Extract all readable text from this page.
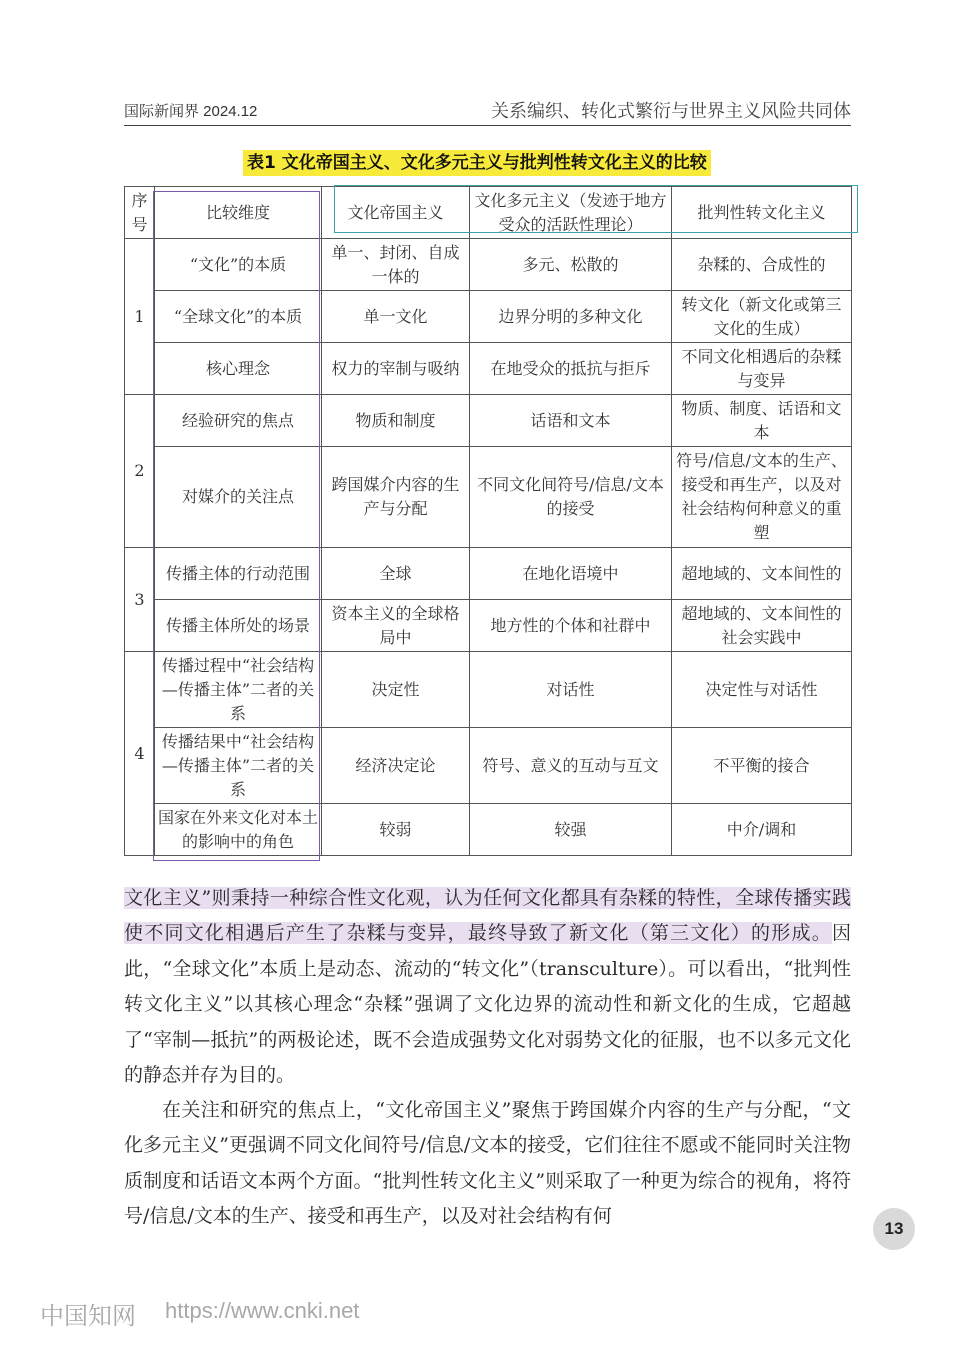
国际新闻界 2024.12	关系编织、转化式繁衍与世界主义风险共同体
表1 文化帝国主义、文化多元主义与批判性转文化主义的比较
序号	比较维度	文化帝国主义	文化多元主义（发迹于地方受众的活跃性理论）	批判性转文化主义
1	“文化”的本质	单一、封闭、自成一体的	多元、松散的	杂糅的、合成性的
	“全球文化”的本质	单一文化	边界分明的多种文化	转文化（新文化或第三文化的生成）
	核心理念	权力的宰制与吸纳	在地受众的抵抗与拒斥	不同文化相遇后的杂糅与变异
2	经验研究的焦点	物质和制度	话语和文本	物质、制度、话语和文本
	对媒介的关注点	跨国媒介内容的生产与分配	不同文化间符号/信息/文本的接受	符号/信息/文本的生产、接受和再生产，以及对社会结构何种意义的重塑
3	传播主体的行动范围	全球	在地化语境中	超地域的、文本间性的
	传播主体所处的场景	资本主义的全球格局中	地方性的个体和社群中	超地域的、文本间性的社会实践中
4	传播过程中“社会结构—传播主体”二者的关系	决定性	对话性	决定性与对话性
	传播结果中“社会结构—传播主体”二者的关系	经济决定论	符号、意义的互动与互文	不平衡的接合
	国家在外来文化对本土的影响中的角色	较弱	较强	中介/调和

文化主义”则秉持一种综合性文化观，认为任何文化都具有杂糅的特性，全球传播实践使不同文化相遇后产生了杂糅与变异，最终导致了新文化（第三文化）的形成。因此，“全球文化”本质上是动态、流动的“转文化”（transculture）。可以看出，“批判性转文化主义”以其核心理念“杂糅”强调了文化边界的流动性和新文化的生成，它超越了“宰制—抵抗”的两极论述，既不会造成强势文化对弱势文化的征服，也不以多元文化的静态并存为目的。

在关注和研究的焦点上，“文化帝国主义”聚焦于跨国媒介内容的生产与分配，“文化多元主义”更强调不同文化间符号/信息/文本的接受，它们往往不愿或不能同时关注物质制度和话语文本两个方面。“批判性转文化主义”则采取了一种更为综合的视角，将符号/信息/文本的生产、接受和再生产，以及对社会结构有何

13
中国知网 https://www.cnki.net
